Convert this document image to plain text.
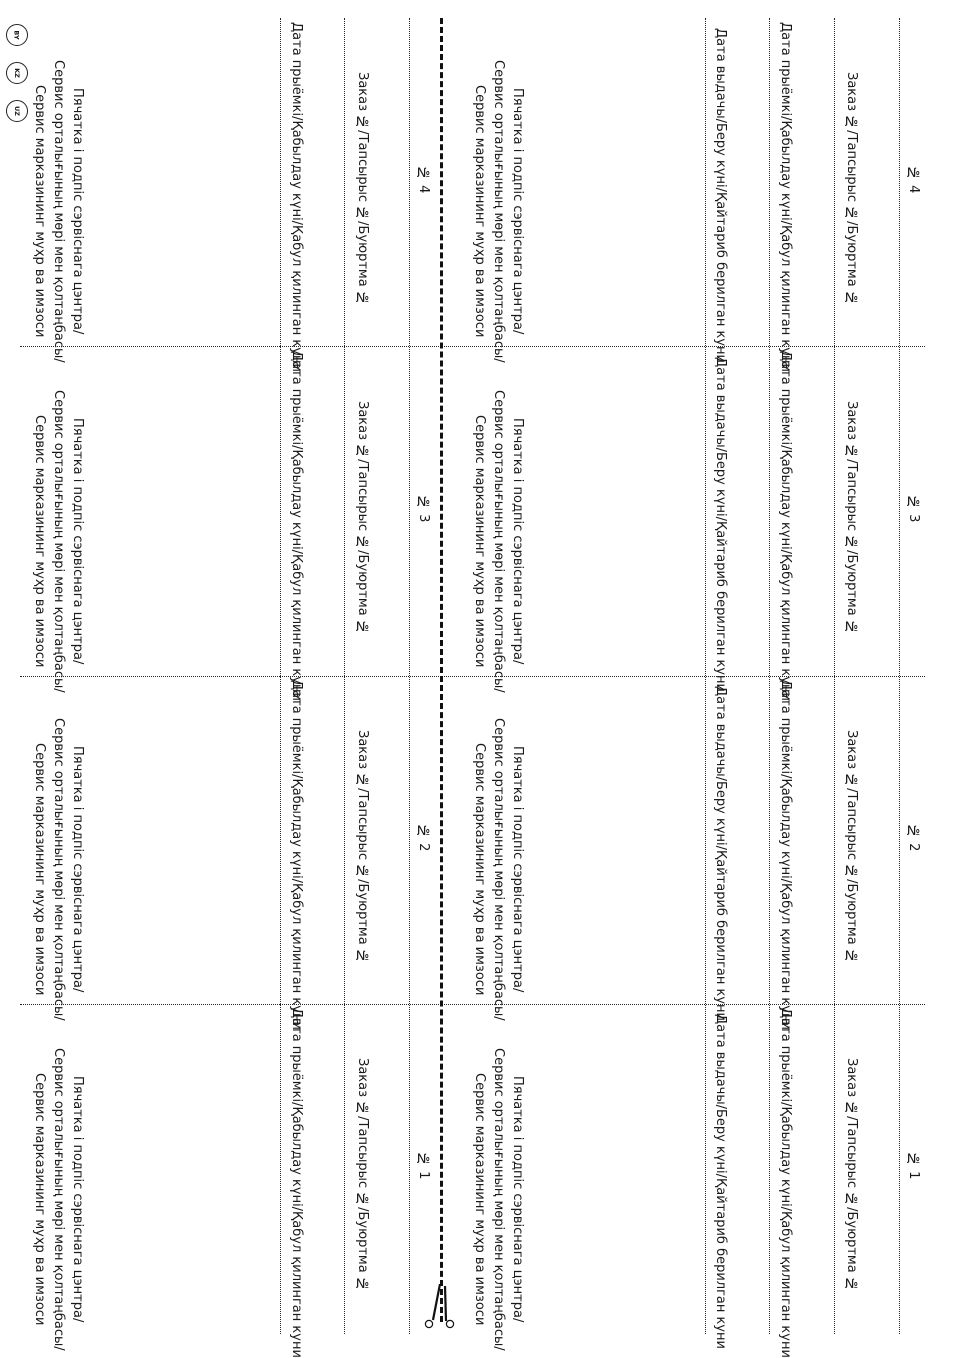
№ 4
Заказ №/Тапсырыс №/Буюртма №
Дата прыёмкі/Қабылдау күні/Қабул қилинган куни
Дата выдачы/Беру күні/Қайтариб берилган куни
№ 3
Заказ №/Тапсырыс №/Буюртма №
Дата прыёмкі/Қабылдау күні/Қабул қилинган куни
Дата выдачы/Беру күні/Қайтариб берилган куни
№ 2
Заказ №/Тапсырыс №/Буюртма №
Дата прыёмкі/Қабылдау күні/Қабул қилинган куни
Дата выдачы/Беру күні/Қайтариб берилган куни
№ 1
Заказ №/Тапсырыс №/Буюртма №
Дата прыёмкі/Қабылдау күні/Қабул қилинган куни
Дата выдачы/Беру күні/Қайтариб берилган куни
Пячатка і подпіс сэрвіснага цэнтра/
Сервис орталығының мөрі мен қолтаңбасы/
Сервис марказининг муҳр ва имзоси
Пячатка і подпіс сэрвіснага цэнтра/
Сервис орталығының мөрі мен қолтаңбасы/
Сервис марказининг муҳр ва имзоси
Пячатка і подпіс сэрвіснага цэнтра/
Сервис орталығының мөрі мен қолтаңбасы/
Сервис марказининг муҳр ва имзоси
Пячатка і подпіс сэрвіснага цэнтра/
Сервис орталығының мөрі мен қолтаңбасы/
Сервис марказининг муҳр ва имзоси
№ 4
Заказ №/Тапсырыс №/Буюртма №
Дата прыёмкі/Қабылдау күні/Қабул қилинган куни
№ 3
Заказ №/Тапсырыс №/Буюртма №
Дата прыёмкі/Қабылдау күні/Қабул қилинган куни
№ 2
Заказ №/Тапсырыс №/Буюртма №
Дата прыёмкі/Қабылдау күні/Қабул қилинган куни
№ 1
Заказ №/Тапсырыс №/Буюртма №
Дата прыёмкі/Қабылдау күні/Қабул қилинган куни
Пячатка і подпіс сэрвіснага цэнтра/
Сервис орталығының мөрі мен қолтаңбасы/
Сервис марказининг муҳр ва имзоси
Пячатка і подпіс сэрвіснага цэнтра/
Сервис орталығының мөрі мен қолтаңбасы/
Сервис марказининг муҳр ва имзоси
Пячатка і подпіс сэрвіснага цэнтра/
Сервис орталығының мөрі мен қолтаңбасы/
Сервис марказининг муҳр ва имзоси
Пячатка і подпіс сэрвіснага цэнтра/
Сервис орталығының мөрі мен қолтаңбасы/
Сервис марказининг муҳр ва имзоси
BY
KZ
UZ
